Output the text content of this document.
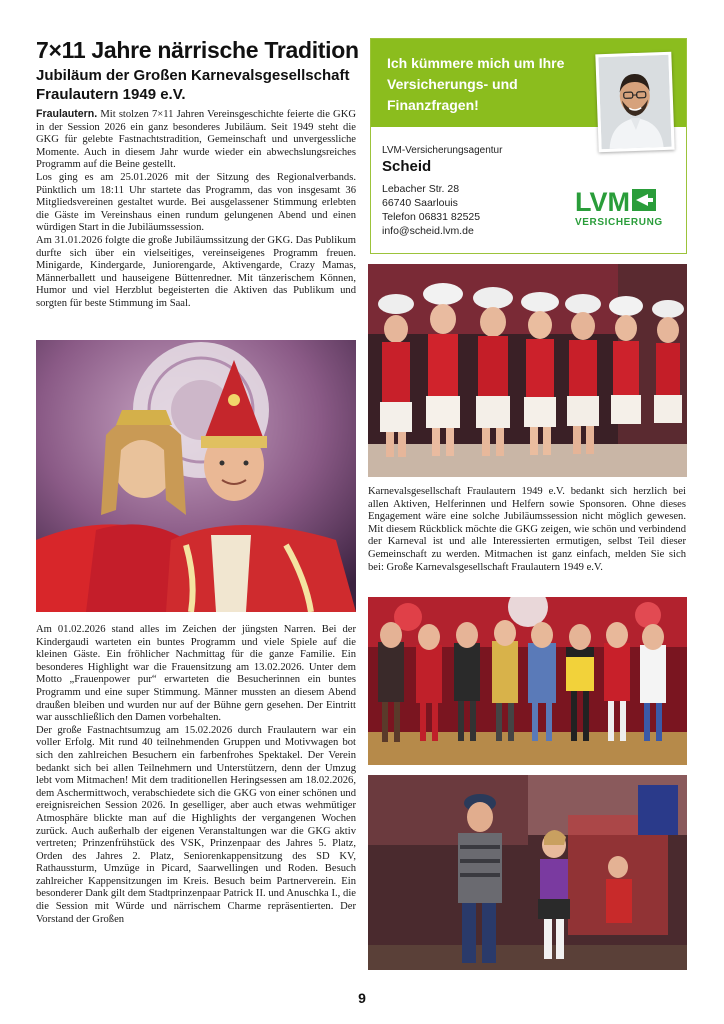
7×11 Jahre närrische Tradition
Jubiläum der Großen Karnevalsgesellschaft Fraulautern 1949 e.V.

Fraulautern. Mit stolzen 7×11 Jahren Vereinsgeschichte feierte die GKG in der Session 2026 ein ganz besonderes Jubiläum. Seit 1949 steht die GKG für gelebte Fastnachtstradition, Gemeinschaft und unvergessliche Momente. Auch in diesem Jahr wurde wieder ein abwechslungsreiches Programm auf die Beine gestellt.

Los ging es am 25.01.2026 mit der Sitzung des Regionalverbands. Pünktlich um 18:11 Uhr startete das Programm, das von insgesamt 36 Mitgliedsvereinen gestaltet wurde. Bei ausgelassener Stimmung erlebten die Gäste im Vereinshaus einen rundum gelungenen Abend und einen würdigen Start in die Jubiläumssession.

Am 31.01.2026 folgte die große Jubiläumssitzung der GKG. Das Publikum durfte sich über ein vielseitiges, vereinseigenes Programm freuen. Minigarde, Kindergarde, Juniorengarde, Aktivengarde, Crazy Mamas, Männerballett und hauseigene Büttenredner. Mit tänzerischem Können, Humor und viel Herzblut begeisterten die Aktiven das Publikum und sorgten für beste Stimmung im Saal.

Am 01.02.2026 stand alles im Zeichen der jüngsten Narren. Bei der Kindergaudi warteten ein buntes Programm und viele Spiele auf die kleinen Gäste. Ein fröhlicher Nachmittag für die ganze Familie. Ein besonderes Highlight war die Frauensitzung am 13.02.2026. Unter dem Motto „Frauenpower pur“ erwarteten die Besucherinnen ein buntes Programm und eine super Stimmung. Männer mussten an diesem Abend draußen bleiben und wurden nur auf der Bühne gern gesehen. Der Eintritt war ausschließlich den Damen vorbehalten.

Der große Fastnachtsumzug am 15.02.2026 durch Fraulautern war ein voller Erfolg. Mit rund 40 teilnehmenden Gruppen und Motivwagen bot sich den zahlreichen Besuchern ein farbenfrohes Spektakel. Der Verein bedankt sich bei allen Teilnehmern und Unterstützern, denn der Umzug lebt vom Mitmachen! Mit dem traditionellen Heringsessen am 18.02.2026, dem Aschermittwoch, verabschiedete sich die GKG von einer schönen und ereignisreichen Session 2026. In geselliger, aber auch etwas wehmütiger Atmosphäre blickte man auf die Highlights der vergangenen Wochen zurück. Auch außerhalb der eigenen Veranstaltungen war die GKG aktiv vertreten; Prinzenfrühstück des VSK, Prinzenpaar des Jahres 5. Platz, Orden des Jahres 2. Platz, Seniorenkappensitzung des SD KV, Rathaussturm, Umzüge in Picard, Saarwellingen und Roden. Besuch zahlreicher Kappensitzungen im Kreis. Besuch beim Partnerverein. Ein besonderer Dank gilt dem Stadtprinzenpaar Patrick II. und Anuschka I., die die Session mit Würde und närrischem Charme repräsentierten. Der Vorstand der Großen

Ich kümmere mich um Ihre Versicherungs- und Finanzfragen!
LVM-Versicherungsagentur
Scheid
Lebacher Str. 28
66740 Saarlouis
Telefon 06831 82525
info@scheid.lvm.de
LVM
VERSICHERUNG

Karnevalsgesellschaft Fraulautern 1949 e.V. bedankt sich herzlich bei allen Aktiven, Helferinnen und Helfern sowie Sponsoren. Ohne dieses Engagement wäre eine solche Jubiläumssession nicht möglich gewesen. Mit diesem Rückblick möchte die GKG zeigen, wie schön und verbindend der Karneval ist und alle Interessierten ermutigen, selbst Teil dieser Gemeinschaft zu werden. Mitmachen ist ganz einfach, melden Sie sich bei: Große Karnevalsgesellschaft Fraulautern 1949 e.V.

9
